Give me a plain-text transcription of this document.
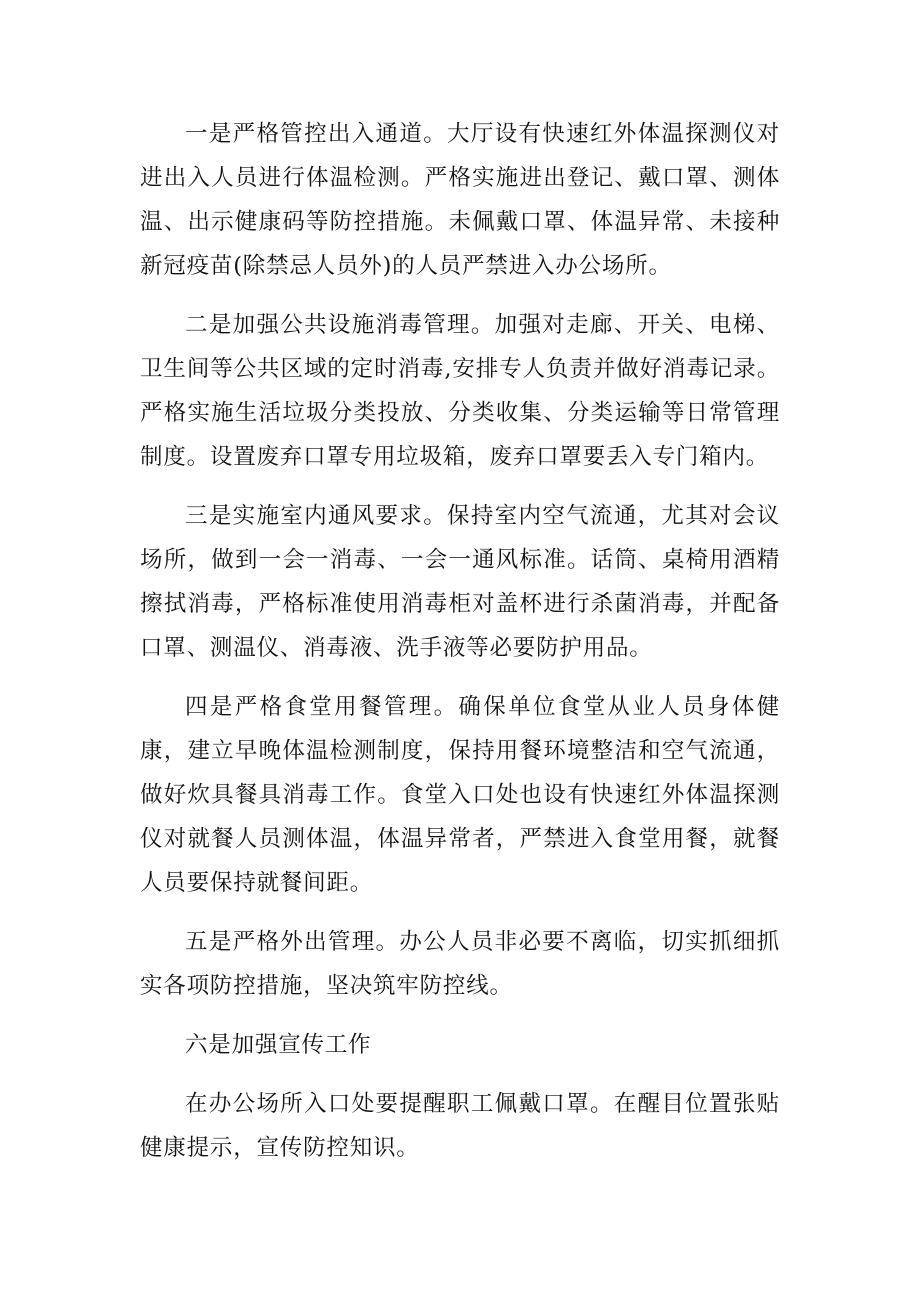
一是严格管控出入通道。大厅设有快速红外体温探测仪对进出入人员进行体温检测。严格实施进出登记、戴口罩、测体温、出示健康码等防控措施。未佩戴口罩、体温异常、未接种新冠疫苗(除禁忌人员外)的人员严禁进入办公场所。

二是加强公共设施消毒管理。加强对走廊、开关、电梯、卫生间等公共区域的定时消毒,安排专人负责并做好消毒记录。严格实施生活垃圾分类投放、分类收集、分类运输等日常管理制度。设置废弃口罩专用垃圾箱，废弃口罩要丢入专门箱内。

三是实施室内通风要求。保持室内空气流通，尤其对会议场所，做到一会一消毒、一会一通风标准。话筒、桌椅用酒精擦拭消毒，严格标准使用消毒柜对盖杯进行杀菌消毒，并配备口罩、测温仪、消毒液、洗手液等必要防护用品。

四是严格食堂用餐管理。确保单位食堂从业人员身体健康，建立早晚体温检测制度，保持用餐环境整洁和空气流通，做好炊具餐具消毒工作。食堂入口处也设有快速红外体温探测仪对就餐人员测体温，体温异常者，严禁进入食堂用餐，就餐人员要保持就餐间距。

五是严格外出管理。办公人员非必要不离临，切实抓细抓实各项防控措施，坚决筑牢防控线。

六是加强宣传工作

在办公场所入口处要提醒职工佩戴口罩。在醒目位置张贴健康提示，宣传防控知识。
